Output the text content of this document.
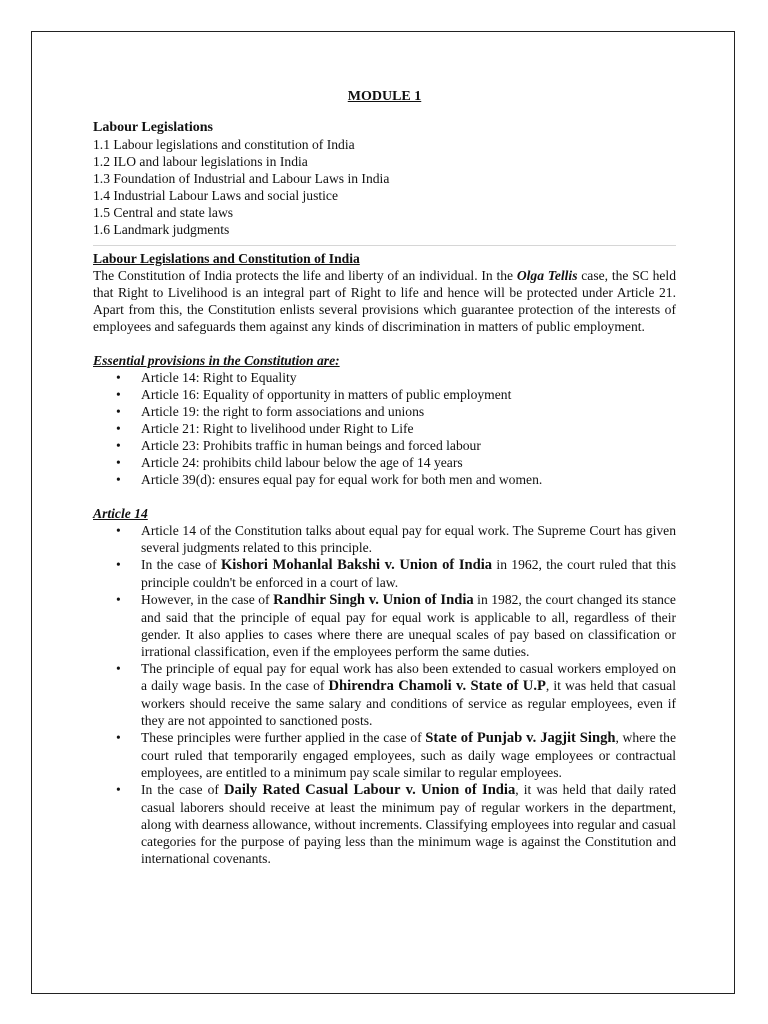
MODULE 1
Labour Legislations
1.1 Labour legislations and constitution of India
1.2 ILO and labour legislations in India
1.3 Foundation of Industrial and Labour Laws in India
1.4 Industrial Labour Laws and social justice
1.5 Central and state laws
1.6 Landmark judgments
Labour Legislations and Constitution of India

The Constitution of India protects the life and liberty of an individual. In the Olga Tellis case, the SC held that Right to Livelihood is an integral part of Right to life and hence will be protected under Article 21. Apart from this, the Constitution enlists several provisions which guarantee protection of the interests of employees and safeguards them against any kinds of discrimination in matters of public employment.

Essential provisions in the Constitution are:
• Article 14: Right to Equality
• Article 16: Equality of opportunity in matters of public employment
• Article 19: the right to form associations and unions
• Article 21: Right to livelihood under Right to Life
• Article 23: Prohibits traffic in human beings and forced labour
• Article 24: prohibits child labour below the age of 14 years
• Article 39(d): ensures equal pay for equal work for both men and women.
Article 14
• Article 14 of the Constitution talks about equal pay for equal work. The Supreme Court has given several judgments related to this principle.
• In the case of Kishori Mohanlal Bakshi v. Union of India in 1962, the court ruled that this principle couldn't be enforced in a court of law.
• However, in the case of Randhir Singh v. Union of India in 1982, the court changed its stance and said that the principle of equal pay for equal work is applicable to all, regardless of their gender. It also applies to cases where there are unequal scales of pay based on classification or irrational classification, even if the employees perform the same duties.
• The principle of equal pay for equal work has also been extended to casual workers employed on a daily wage basis. In the case of Dhirendra Chamoli v. State of U.P, it was held that casual workers should receive the same salary and conditions of service as regular employees, even if they are not appointed to sanctioned posts.
• These principles were further applied in the case of State of Punjab v. Jagjit Singh, where the court ruled that temporarily engaged employees, such as daily wage employees or contractual employees, are entitled to a minimum pay scale similar to regular employees.
• In the case of Daily Rated Casual Labour v. Union of India, it was held that daily rated casual laborers should receive at least the minimum pay of regular workers in the department, along with dearness allowance, without increments. Classifying employees into regular and casual categories for the purpose of paying less than the minimum wage is against the Constitution and international covenants.
